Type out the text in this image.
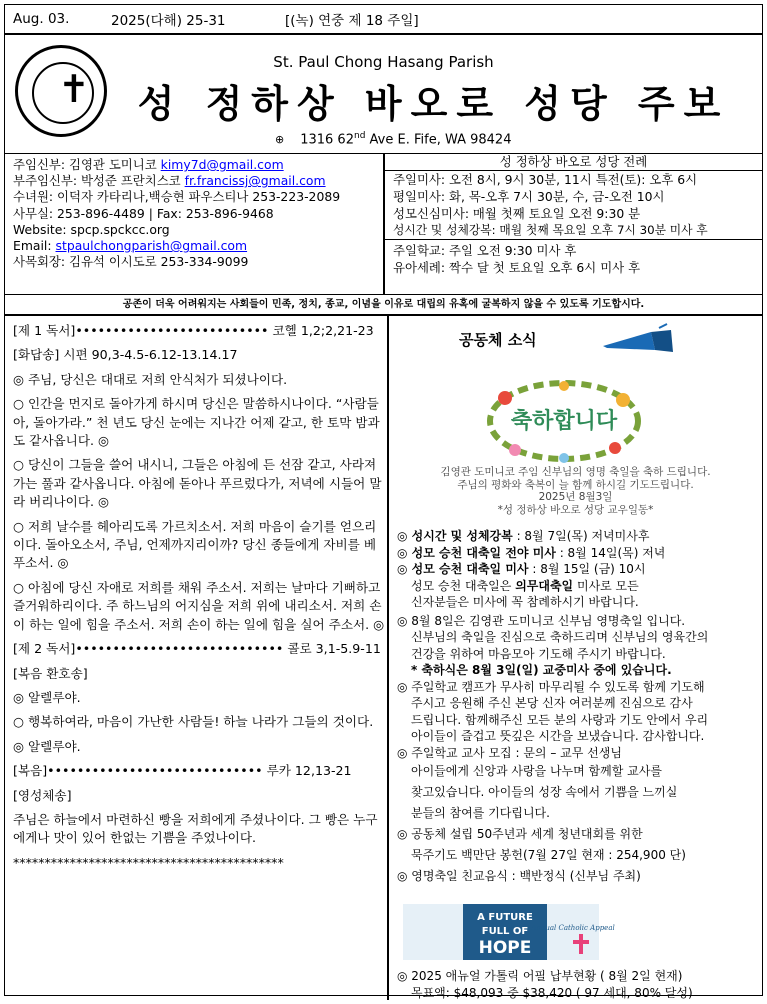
Aug. 03.	2025(다해) 25-31	[(녹) 연중 제 18 주일]
✝
St. Paul Chong Hasang Parish
성 정하상 바오로 성당 주보
⊕ 1316 62nd Ave E. Fife, WA 98424
주임신부: 김영관 도미니코 kimy7d@gmail.com
부주임신부: 박성준 프란치스코 fr.francissj@gmail.com
수녀원: 이덕자 카타리나,백승현 파우스티나 253-223-2089
사무실: 253-896-4489 | Fax: 253-896-9468
Website: spcp.spckcc.org
Email: stpaulchongparish@gmail.com
사목회장: 김유석 이시도로 253-334-9099
성 정하상 바오로 성당 전례
주일미사: 오전 8시, 9시 30분, 11시 특전(토): 오후 6시
평일미사: 화, 목-오후 7시 30분, 수, 금-오전 10시
성모신심미사: 매월 첫째 토요일 오전 9:30 분
성시간 및 성체강복: 매월 첫째 목요일 오후 7시 30분 미사 후
주일학교: 주일 오전 9:30 미사 후
유아세례: 짝수 달 첫 토요일 오후 6시 미사 후
공존이 더욱 어려워지는 사회들이 민족, 정치, 종교, 이념을 이유로 대립의 유혹에 굴복하지 않을 수 있도록 기도합시다.

[제 1 독서]•••••••••••••••••••••••••• 코헬 1,2;2,21-23

[화답송] 시편 90,3-4.5-6.12-13.14.17

◎ 주님, 당신은 대대로 저희 안식처가 되셨나이다.

○ 인간을 먼지로 돌아가게 하시며 당신은 말씀하시나이다. “사람들아, 돌아가라.” 천 년도 당신 눈에는 지나간 어제 같고, 한 토막 밤과도 같사옵니다. ◎

○ 당신이 그들을 쓸어 내시니, 그들은 아침에 든 선잠 같고, 사라져 가는 풀과 같사옵니다. 아침에 돋아나 푸르렀다가, 저녁에 시들어 말라 버리나이다. ◎

○ 저희 날수를 헤아리도록 가르치소서. 저희 마음이 슬기를 얻으리이다. 돌아오소서, 주님, 언제까지리이까? 당신 종들에게 자비를 베푸소서. ◎

○ 아침에 당신 자애로 저희를 채워 주소서. 저희는 날마다 기뻐하고 즐거워하리이다. 주 하느님의 어지심을 저희 위에 내리소서. 저희 손이 하는 일에 힘을 주소서. 저희 손이 하는 일에 힘을 실어 주소서. ◎

[제 2 독서]•••••••••••••••••••••••••••• 콜로 3,1-5.9-11

[복음 환호송]

◎ 알렐루야.

○ 행복하여라, 마음이 가난한 사람들! 하늘 나라가 그들의 것이다.

◎ 알렐루야.

[복음]••••••••••••••••••••••••••••• 루카 12,13-21

[영성체송]

주님은 하늘에서 마련하신 빵을 저희에게 주셨나이다. 그 빵은 누구에게나 맛이 있어 한없는 기쁨을 주었나이다.

*******************************************

공동체 소식
축하합니다
김영관 도미니코 주임 신부님의 영명 축일을 축하 드립니다.
주님의 평화와 축복이 늘 함께 하시길 기도드립니다.
2025년 8월3일
*성 정하상 바오로 성당 교우일동*
◎ 성시간 및 성체강복 : 8월 7일(목) 저녁미사후
◎ 성모 승천 대축일 전야 미사 : 8월 14일(목) 저녁
◎ 성모 승천 대축일 미사 : 8월 15일 (금) 10시
성모 승천 대축일은 의무대축일 미사로 모든
신자분들은 미사에 꼭 참례하시기 바랍니다.
◎ 8월 8일은 김영관 도미니코 신부님 영명축일 입니다.
신부님의 축일을 진심으로 축하드리며 신부님의 영육간의
건강을 위하여 마음모아 기도해 주시기 바랍니다.
* 축하식은 8월 3일(일) 교중미사 중에 있습니다.
◎ 주일학교 캠프가 무사히 마무리될 수 있도록 함께 기도해
주시고 응원해 주신 본당 신자 여러분께 진심으로 감사
드립니다. 함께해주신 모든 분의 사랑과 기도 안에서 우리
아이들이 즐겁고 뜻깊은 시간을 보냈습니다. 감사합니다.
◎ 주일학교 교사 모집 : 문의 – 교무 선생님
아이들에게 신앙과 사랑을 나누며 함께할 교사를
찾고있습니다. 아이들의 성장 속에서 기쁨을 느끼실
분들의 참여를 기다립니다.
◎ 공동체 설립 50주년과 세계 청년대회를 위한
묵주기도 백만단 봉헌(7월 27일 현재 : 254,900 단)
◎ 영명축일 친교음식 : 백반정식 (신부님 주최)
A FUTURE
FULL OF
HOPE
Annual Catholic Appeal
◎ 2025 애뉴얼 가톨릭 어필 납부현황 ( 8월 2일 현재)
목표액: $48,093 중 $38,420 ( 97 세대, 80% 달성)
